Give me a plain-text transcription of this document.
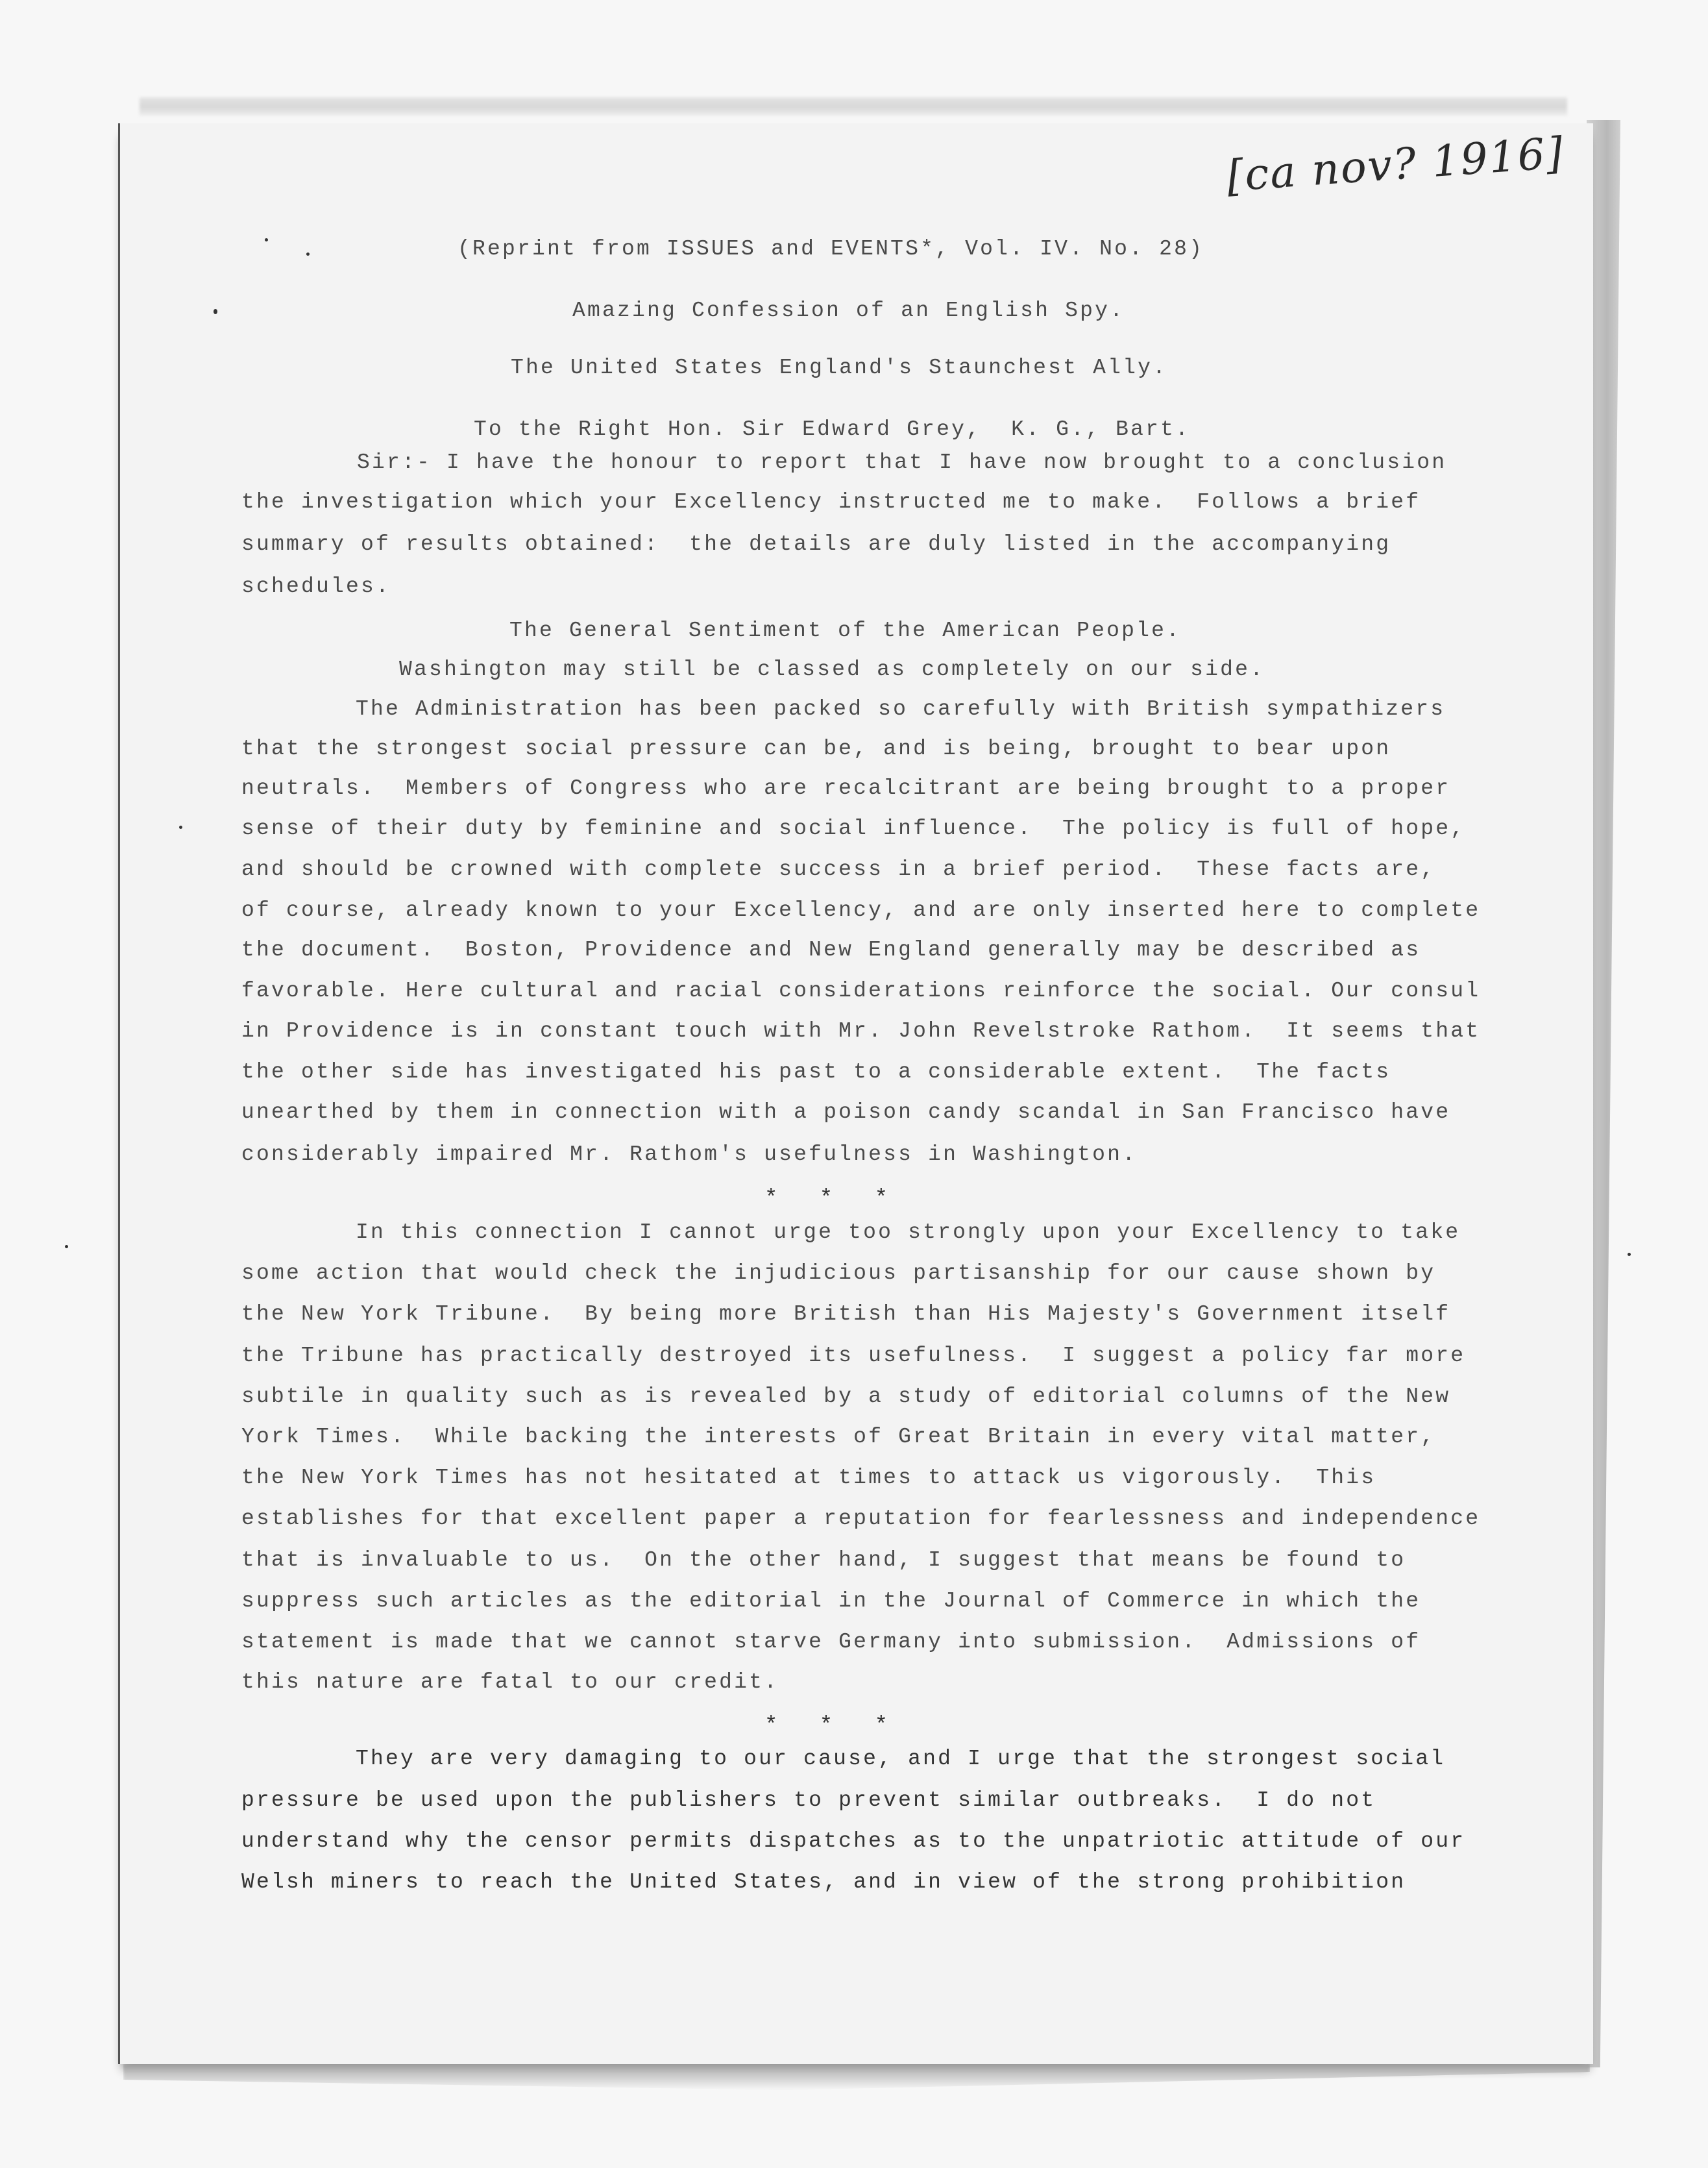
[ca nov? 1916]
(Reprint from ISSUES and EVENTS*, Vol. IV. No. 28)
Amazing Confession of an English Spy.
The United States England's Staunchest Ally.
To the Right Hon. Sir Edward Grey,  K. G., Bart.
Sir:- I have the honour to report that I have now brought to a conclusion
the investigation which your Excellency instructed me to make.  Follows a brief
summary of results obtained:  the details are duly listed in the accompanying
schedules.
The General Sentiment of the American People.
Washington may still be classed as completely on our side.
The Administration has been packed so carefully with British sympathizers
that the strongest social pressure can be, and is being, brought to bear upon
neutrals.  Members of Congress who are recalcitrant are being brought to a proper
sense of their duty by feminine and social influence.  The policy is full of hope,
and should be crowned with complete success in a brief period.  These facts are,
of course, already known to your Excellency, and are only inserted here to complete
the document.  Boston, Providence and New England generally may be described as
favorable. Here cultural and racial considerations reinforce the social. Our consul
in Providence is in constant touch with Mr. John Revelstroke Rathom.  It seems that
the other side has investigated his past to a considerable extent.  The facts
unearthed by them in connection with a poison candy scandal in San Francisco have
considerably impaired Mr. Rathom's usefulness in Washington.
* * *
In this connection I cannot urge too strongly upon your Excellency to take
some action that would check the injudicious partisanship for our cause shown by
the New York Tribune.  By being more British than His Majesty's Government itself
the Tribune has practically destroyed its usefulness.  I suggest a policy far more
subtile in quality such as is revealed by a study of editorial columns of the New
York Times.  While backing the interests of Great Britain in every vital matter,
the New York Times has not hesitated at times to attack us vigorously.  This
establishes for that excellent paper a reputation for fearlessness and independence
that is invaluable to us.  On the other hand, I suggest that means be found to
suppress such articles as the editorial in the Journal of Commerce in which the
statement is made that we cannot starve Germany into submission.  Admissions of
this nature are fatal to our credit.
* * *
They are very damaging to our cause, and I urge that the strongest social
pressure be used upon the publishers to prevent similar outbreaks.  I do not
understand why the censor permits dispatches as to the unpatriotic attitude of our
Welsh miners to reach the United States, and in view of the strong prohibition
